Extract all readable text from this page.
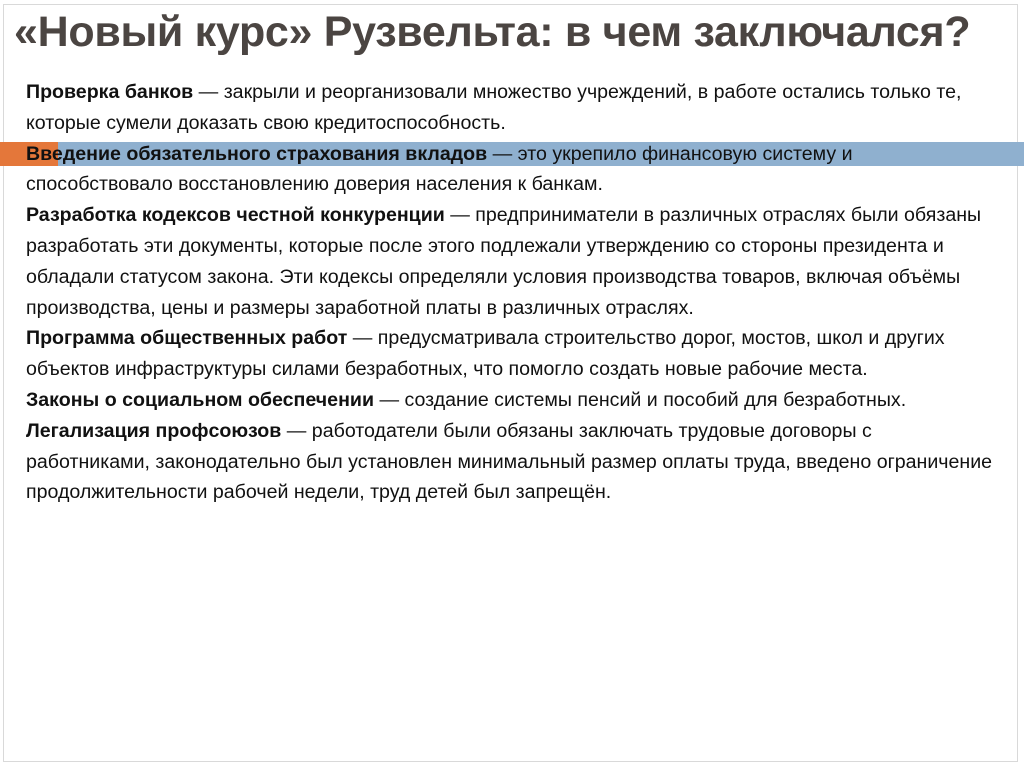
«Новый курс» Рузвельта: в чем заключался?

Проверка банков — закрыли и реорганизовали множество учреждений, в работе остались только те, которые сумели доказать свою кредитоспособность.

Введение обязательного страхования вкладов — это укрепило финансовую систему и способствовало восстановлению доверия населения к банкам.

Разработка кодексов честной конкуренции — предприниматели в различных отраслях были обязаны разработать эти документы, которые после этого подлежали утверждению со стороны президента и обладали статусом закона. Эти кодексы определяли условия производства товаров, включая объёмы производства, цены и размеры заработной платы в различных отраслях.

Программа общественных работ — предусматривала строительство дорог, мостов, школ и других объектов инфраструктуры силами безработных, что помогло создать новые рабочие места.

Законы о социальном обеспечении — создание системы пенсий и пособий для безработных.

Легализация профсоюзов — работодатели были обязаны заключать трудовые договоры с работниками, законодательно был установлен минимальный размер оплаты труда, введено ограничение продолжительности рабочей недели, труд детей был запрещён.
